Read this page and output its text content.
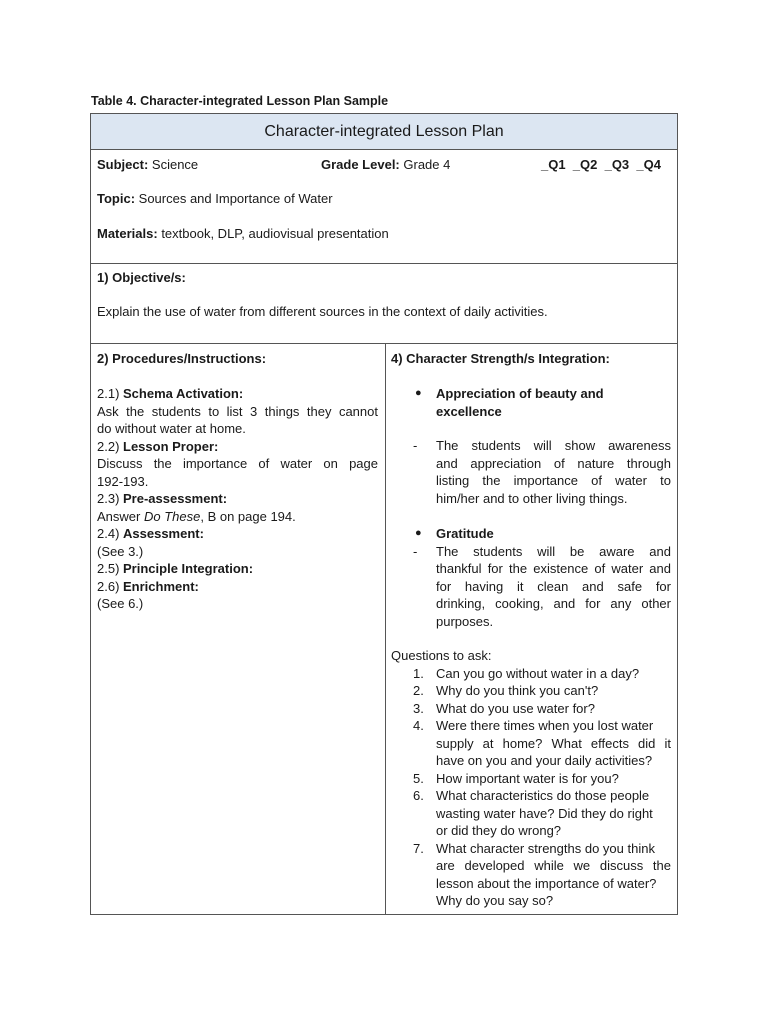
Table 4. Character-integrated Lesson Plan Sample
Character-integrated Lesson Plan
Subject: Science	Grade Level: Grade 4	_Q1  _Q2  _Q3  _Q4
Topic: Sources and Importance of Water
Materials: textbook, DLP, audiovisual presentation
1) Objective/s:
Explain the use of water from different sources in the context of daily activities.
2) Procedures/Instructions:
2.1) Schema Activation:
Ask the students to list 3 things they cannot
do without water at home.
2.2) Lesson Proper:
Discuss the importance of water on page
192-193.
2.3) Pre-assessment:
Answer Do These, B on page 194.
2.4) Assessment:
(See 3.)
2.5) Principle Integration:
2.6) Enrichment:
(See 6.)
4) Character Strength/s Integration:
● Appreciation of beauty and
excellence
- The students will show awareness
and appreciation of nature through
listing the importance of water to
him/her and to other living things.
● Gratitude
- The students will be aware and
thankful for the existence of water and
for having it clean and safe for
drinking, cooking, and for any other
purposes.
Questions to ask:
1. Can you go without water in a day?
2. Why do you think you can't?
3. What do you use water for?
4. Were there times when you lost water
supply at home? What effects did it
have on you and your daily activities?
5. How important water is for you?
6. What characteristics do those people
wasting water have? Did they do right
or did they do wrong?
7. What character strengths do you think
are developed while we discuss the
lesson about the importance of water?
Why do you say so?
